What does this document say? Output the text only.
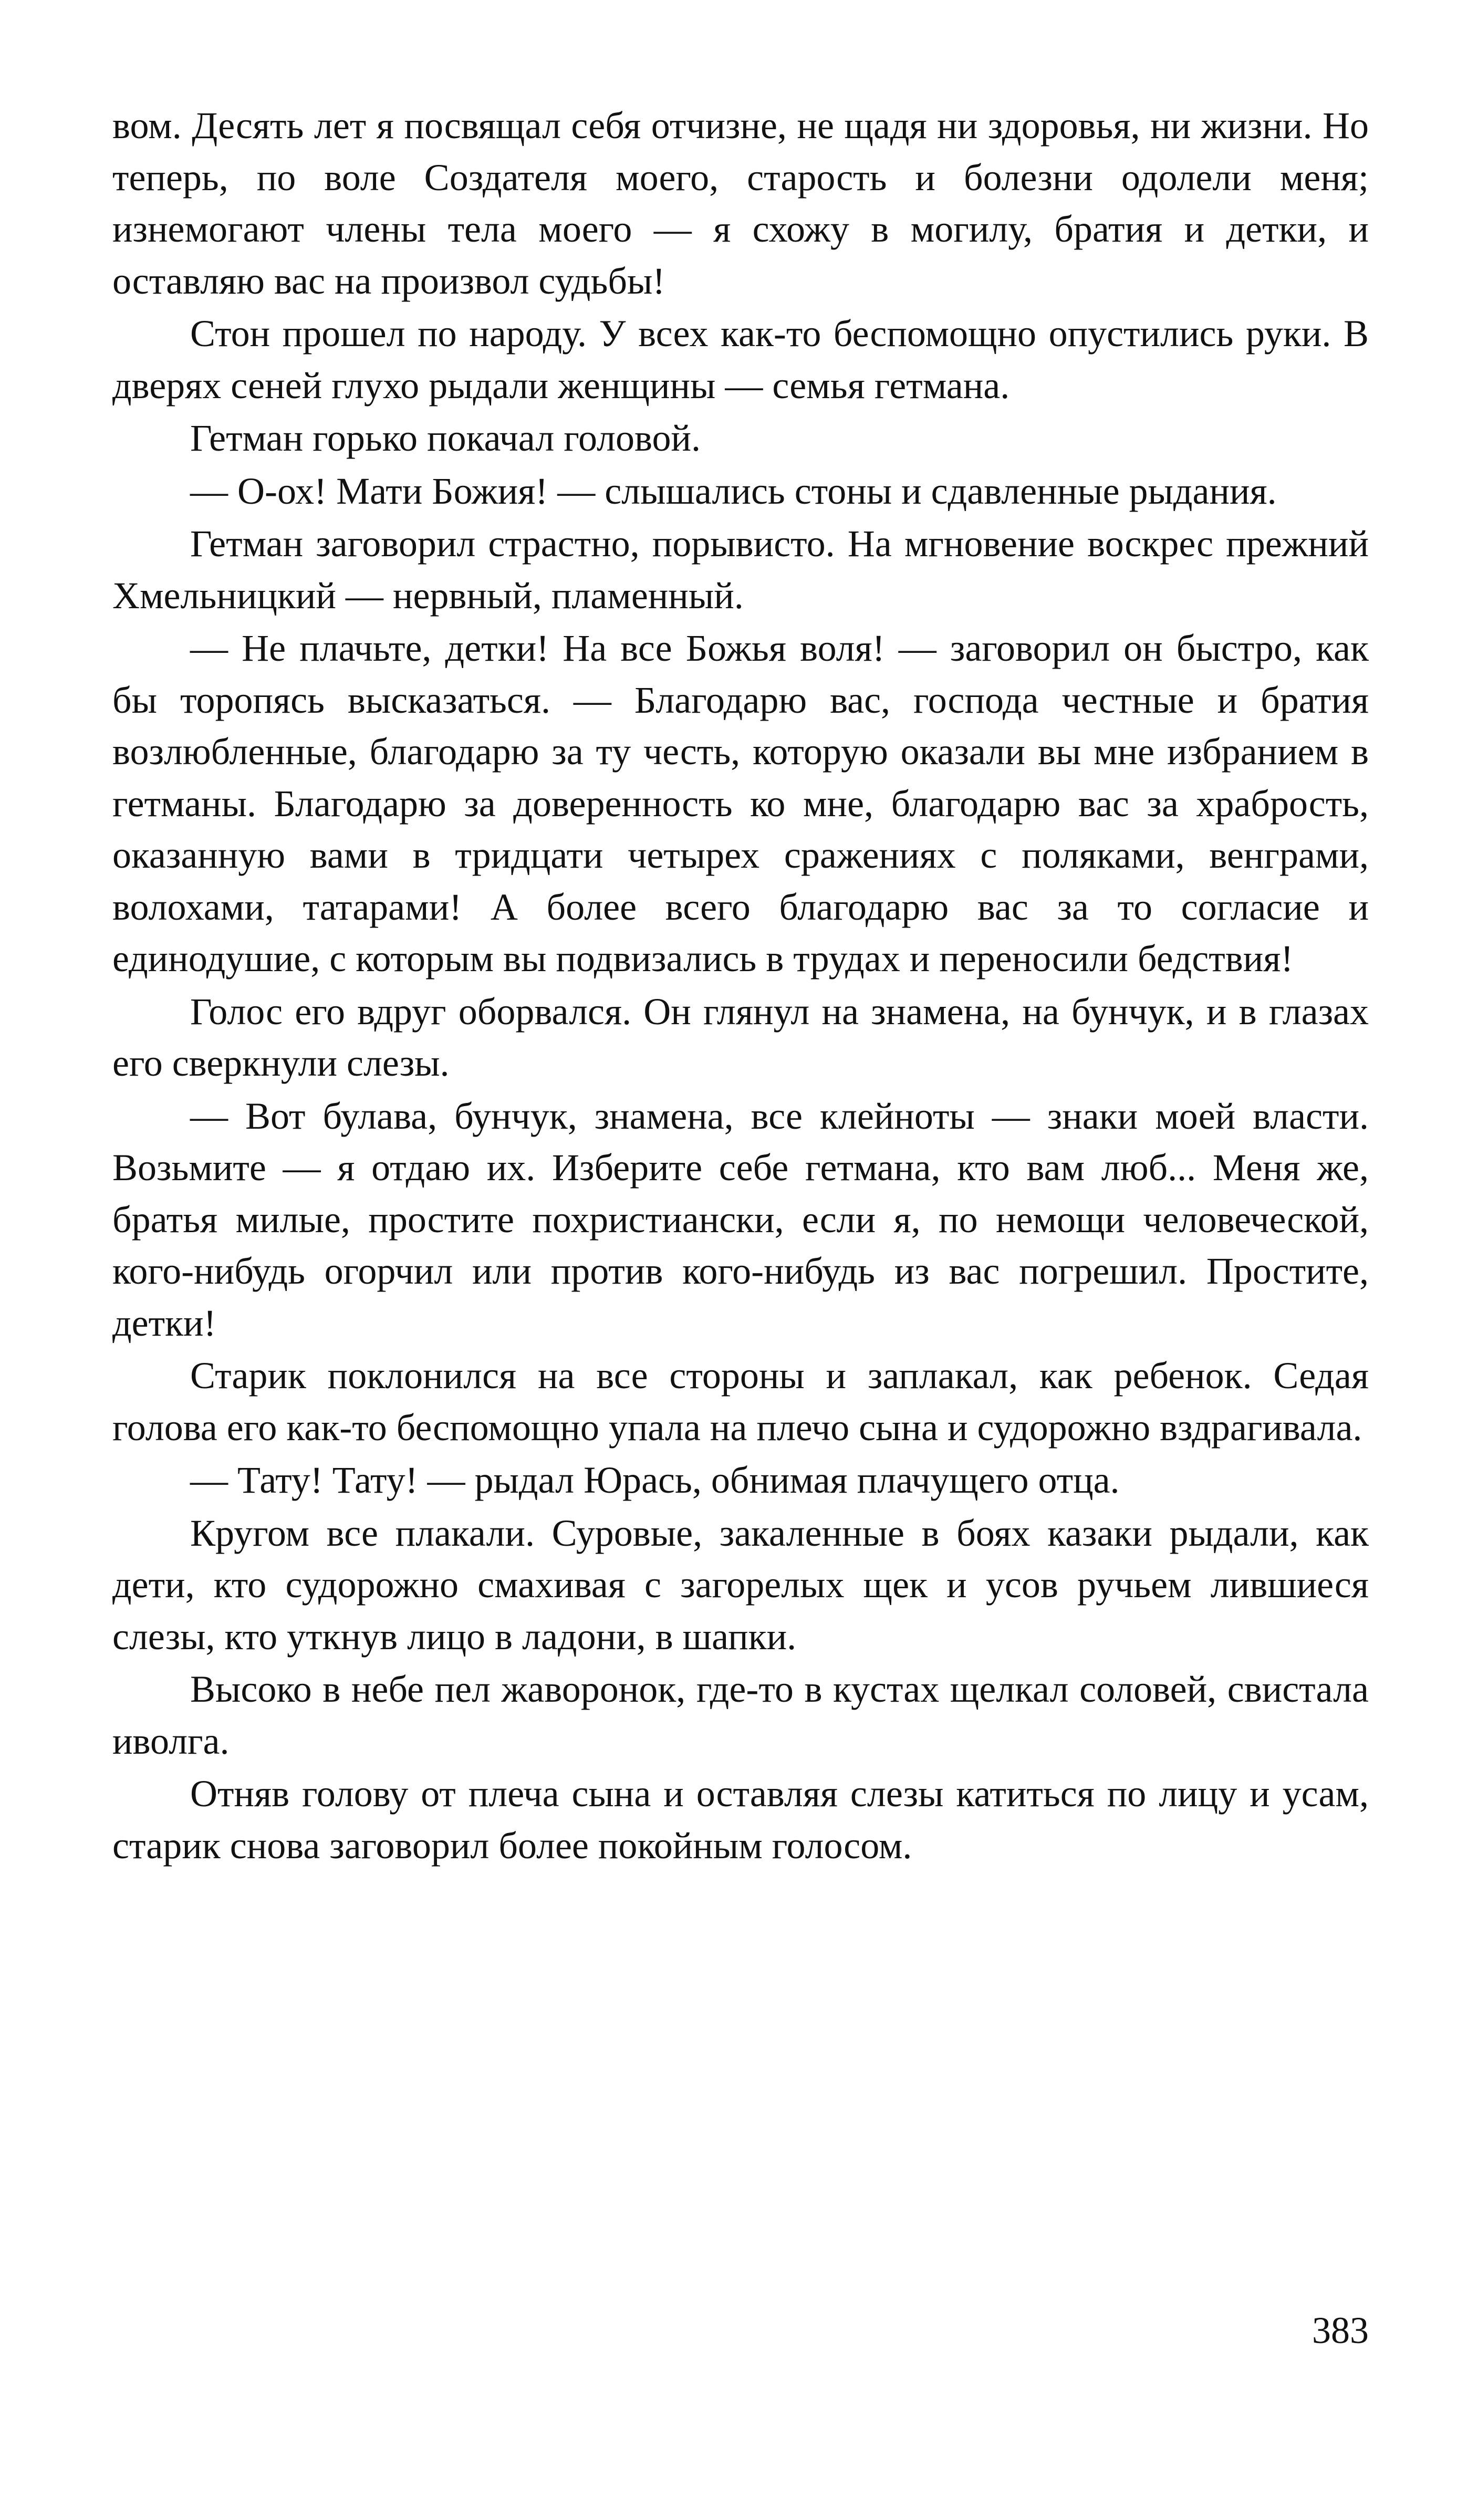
вом. Десять лет я посвящал себя отчизне, не щадя ни здоровья, ни жизни. Но теперь, по воле Создателя моего, старость и болезни одолели меня; изнемогают члены тела моего — я схожу в могилу, братия и детки, и оставляю вас на произвол судьбы!

Стон прошел по народу. У всех как-то беспомощно опустились руки. В дверях сеней глухо рыдали женщины — семья гетмана.

Гетман горько покачал головой.

— О-ох! Мати Божия! — слышались стоны и сдавленные рыдания.

Гетман заговорил страстно, порывисто. На мгновение воскрес прежний Хмельницкий — нервный, пламенный.

— Не плачьте, детки! На все Божья воля! — заговорил он быстро, как бы торопясь высказаться. — Благодарю вас, господа честные и братия возлюбленные, благодарю за ту честь, которую оказали вы мне избранием в гетманы. Благодарю за доверенность ко мне, благодарю вас за храбрость, оказанную вами в тридцати четырех сражениях с поляками, венграми, волохами, татарами! А более всего благодарю вас за то согласие и единодушие, с которым вы подвизались в трудах и переносили бедствия!

Голос его вдруг оборвался. Он глянул на знамена, на бунчук, и в глазах его сверкнули слезы.

— Вот булава, бунчук, знамена, все клейноты — знаки моей власти. Возьмите — я отдаю их. Изберите себе гетмана, кто вам люб... Меня же, братья милые, простите похристиански, если я, по немощи человеческой, кого-нибудь огорчил или против кого-нибудь из вас погрешил. Простите, детки!

Старик поклонился на все стороны и заплакал, как ребенок. Седая голова его как-то беспомощно упала на плечо сына и судорожно вздрагивала.

— Тату! Тату! — рыдал Юрась, обнимая плачущего отца.

Кругом все плакали. Суровые, закаленные в боях казаки рыдали, как дети, кто судорожно смахивая с загорелых щек и усов ручьем лившиеся слезы, кто уткнув лицо в ладони, в шапки.

Высоко в небе пел жаворонок, где-то в кустах щелкал соловей, свистала иволга.

Отняв голову от плеча сына и оставляя слезы катиться по лицу и усам, старик снова заговорил более покойным голосом.

383
